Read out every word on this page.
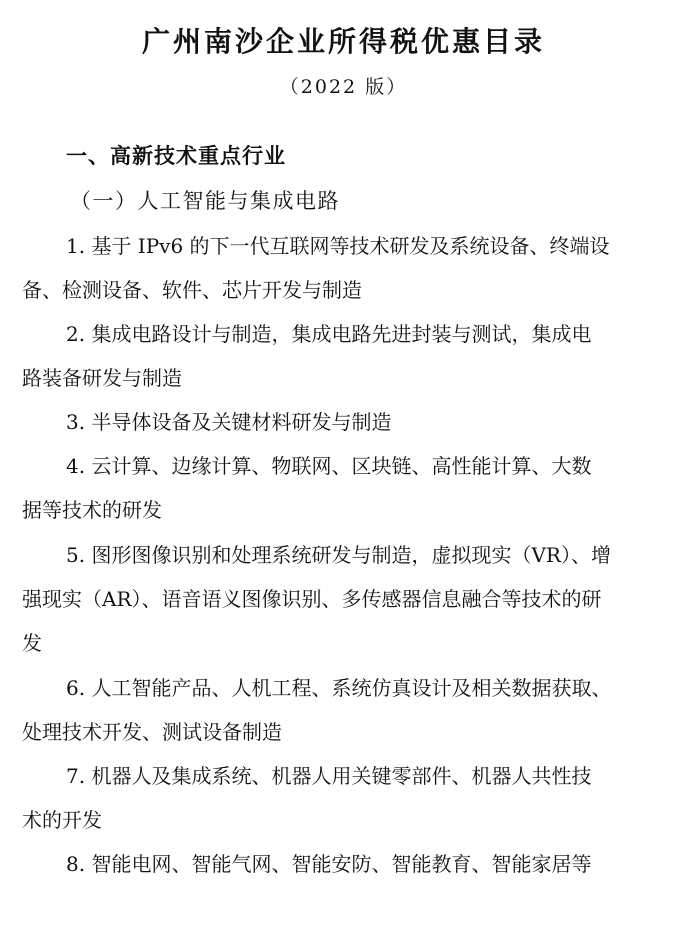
广州南沙企业所得税优惠目录
（2022 版）
一、高新技术重点行业
（一）人工智能与集成电路
1. 基于 IPv6 的下一代互联网等技术研发及系统设备、终端设
备、检测设备、软件、芯片开发与制造
2. 集成电路设计与制造，集成电路先进封装与测试，集成电
路装备研发与制造
3. 半导体设备及关键材料研发与制造
4. 云计算、边缘计算、物联网、区块链、高性能计算、大数
据等技术的研发
5. 图形图像识别和处理系统研发与制造，虚拟现实（VR）、增
强现实（AR）、语音语义图像识别、多传感器信息融合等技术的研
发
6. 人工智能产品、人机工程、系统仿真设计及相关数据获取、
处理技术开发、测试设备制造
7. 机器人及集成系统、机器人用关键零部件、机器人共性技
术的开发
8. 智能电网、智能气网、智能安防、智能教育、智能家居等
